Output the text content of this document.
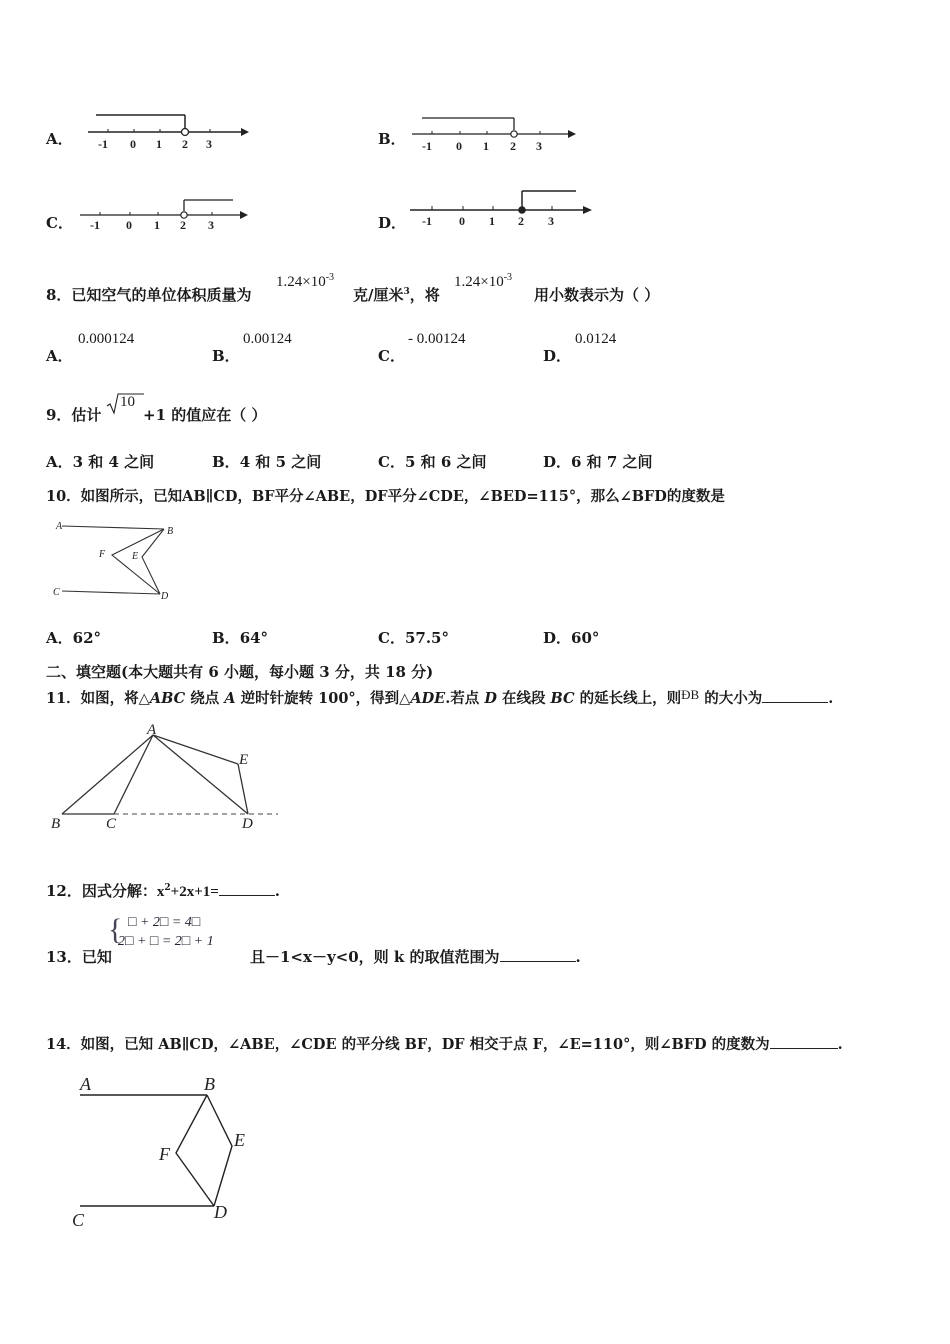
A． -1 0 1 2 3	B． -1 0 1 2 3
C． -1 0 1 2 3	D． -1 0 1 2 3
8．已知空气的单位体积质量为
$1.24\times 10^{-3}$
克/厘米$^3$，将
$1.24\times 10^{-3}$
用小数表示为（ ）
A．
0.000124
B．
0.00124
C．
- 0.00124
D．
0.0124
9．估计
10
+1 的值应在（ ）
A．3 和 4 之间	B．4 和 5 之间	C．5 和 6 之间	D．6 和 7 之间
10．如图所示，已知AB∥CD，BF平分∠ABE，DF平分∠CDE，∠BED=115°，那么∠BFD的度数是
A	B
C	D
E
F
A．62°	B．64°	C．57.5°	D．60°
二、填空题(本大题共有 6 小题，每小题 3 分，共 18 分)
11．如图，将△ABC 绕点 A 逆时针旋转 100°，得到△ADE.若点 D 在线段 BC 的延长线上，则ÐB 的大小为	.
A
B	C	D
E
12．因式分解：$x^2+2x+1=$	.
13．已知
{ □ + 2□ = 4□
2□ + □ = 2□ + 1
且－1<x－y<0，则 k 的取值范围为	.
14．如图，已知 AB∥CD，∠ABE，∠CDE 的平分线 BF，DF 相交于点 F，∠E=110°，则∠BFD 的度数为	.
A	B
C	D
E
F
